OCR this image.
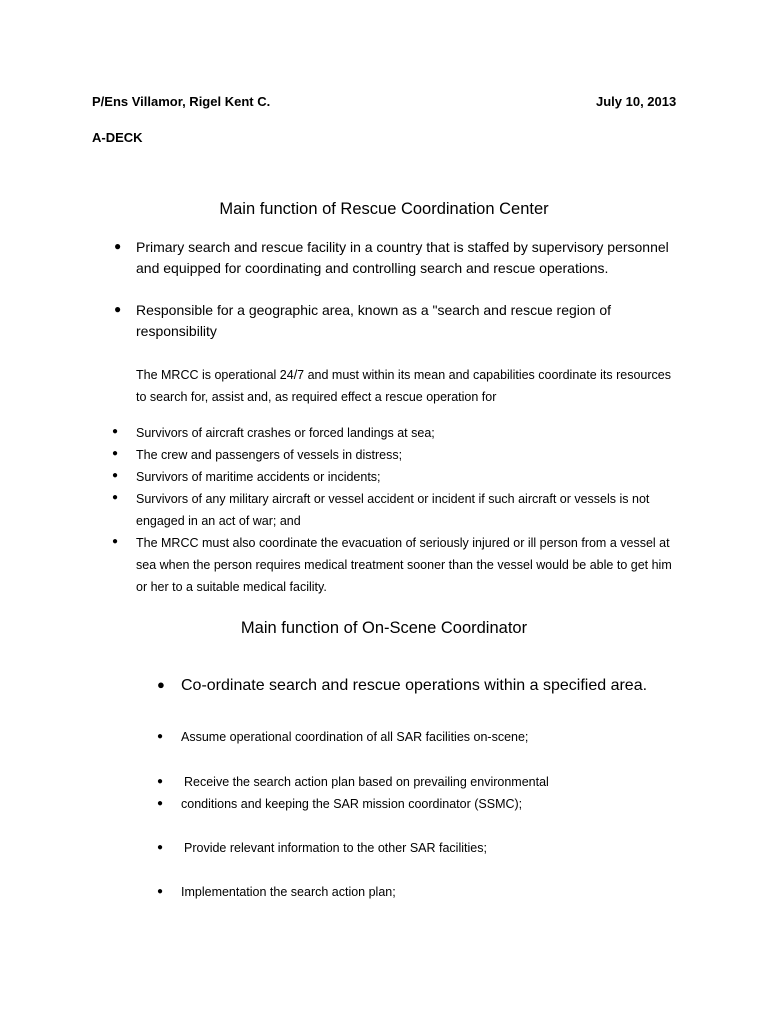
P/Ens Villamor, Rigel Kent C.	July 10, 2013
A-DECK
Main function of Rescue Coordination Center
● Primary search and rescue facility in a country that is staffed by supervisory personnel and equipped for coordinating and controlling search and rescue operations.
● Responsible for a geographic area, known as a "search and rescue region of responsibility
The MRCC is operational 24/7 and must within its mean and capabilities coordinate its resources to search for, assist and, as required effect a rescue operation for
● Survivors of aircraft crashes or forced landings at sea;
● The crew and passengers of vessels in distress;
● Survivors of maritime accidents or incidents;
● Survivors of any military aircraft or vessel accident or incident if such aircraft or vessels is not engaged in an act of war; and
● The MRCC must also coordinate the evacuation of seriously injured or ill person from a vessel at sea when the person requires medical treatment sooner than the vessel would be able to get him or her to a suitable medical facility.
Main function of On-Scene Coordinator
● Co-ordinate search and rescue operations within a specified area.
● Assume operational coordination of all SAR facilities on-scene;
● Receive the search action plan based on prevailing environmental
● conditions and keeping the SAR mission coordinator (SSMC);
● Provide relevant information to the other SAR facilities;
● Implementation the search action plan;
